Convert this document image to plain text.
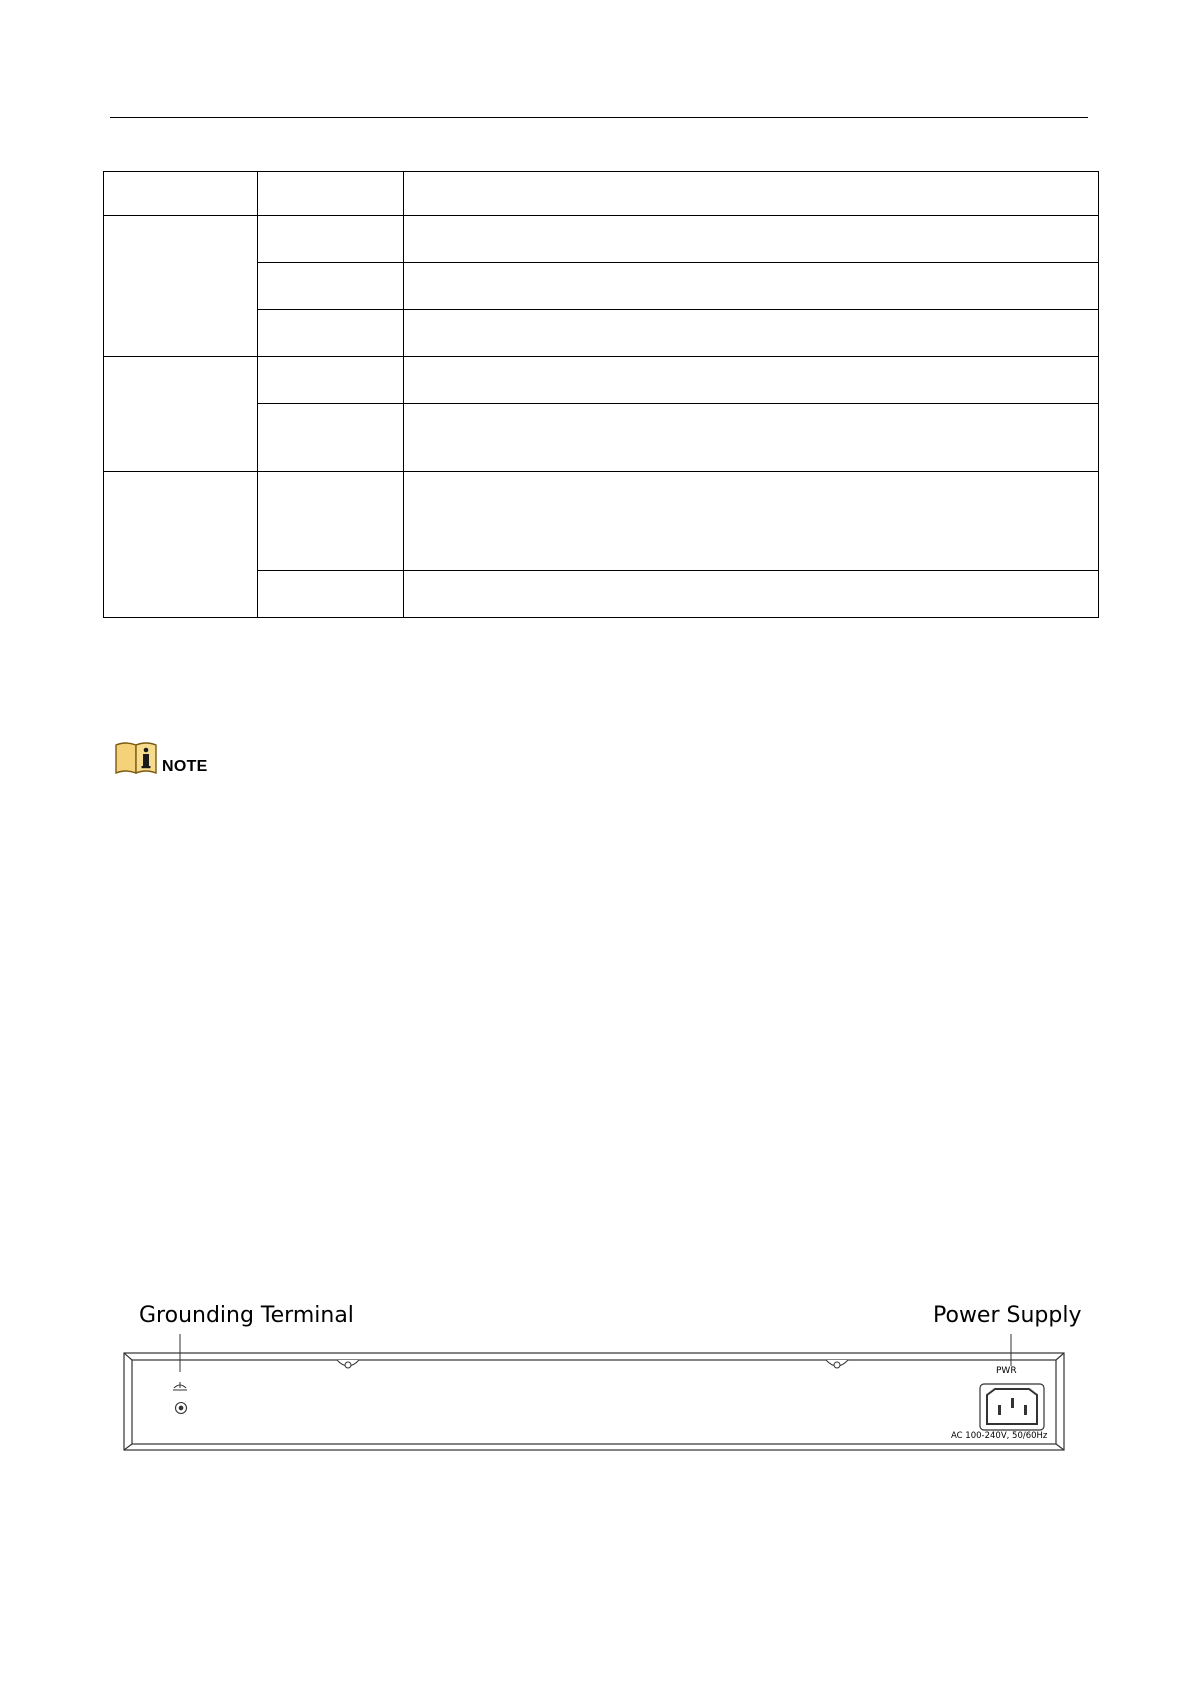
NOTE
Grounding Terminal	Power Supply
PWR
AC 100-240V, 50/60Hz
